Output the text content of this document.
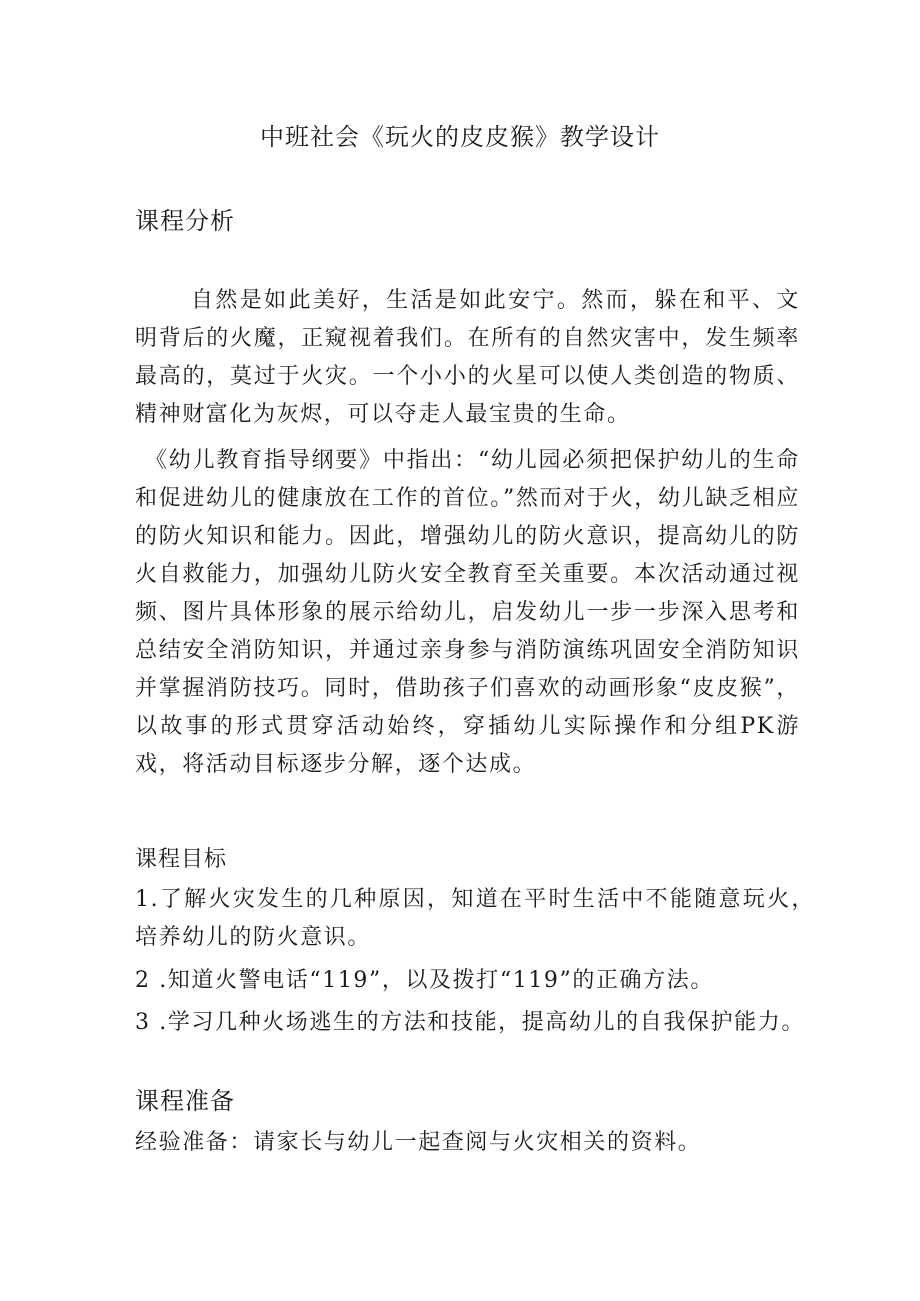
中班社会《玩火的皮皮猴》教学设计
课程分析

自然是如此美好，生活是如此安宁。然而，躲在和平、文明背后的火魔，正窥视着我们。在所有的自然灾害中，发生频率最高的，莫过于火灾。一个小小的火星可以使人类创造的物质、精神财富化为灰烬，可以夺走人最宝贵的生命。

《幼儿教育指导纲要》中指出：“幼儿园必须把保护幼儿的生命和促进幼儿的健康放在工作的首位。”然而对于火，幼儿缺乏相应的防火知识和能力。因此，增强幼儿的防火意识，提高幼儿的防火自救能力，加强幼儿防火安全教育至关重要。本次活动通过视频、图片具体形象的展示给幼儿，启发幼儿一步一步深入思考和总结安全消防知识，并通过亲身参与消防演练巩固安全消防知识并掌握消防技巧。同时，借助孩子们喜欢的动画形象“皮皮猴”，以故事的形式贯穿活动始终，穿插幼儿实际操作和分组PK游戏，将活动目标逐步分解，逐个达成。

课程目标

1.了解火灾发生的几种原因，知道在平时生活中不能随意玩火，培养幼儿的防火意识。

2 .知道火警电话“119”，以及拨打“119”的正确方法。
3 .学习几种火场逃生的方法和技能，提高幼儿的自我保护能力。
课程准备
经验准备：请家长与幼儿一起查阅与火灾相关的资料。
